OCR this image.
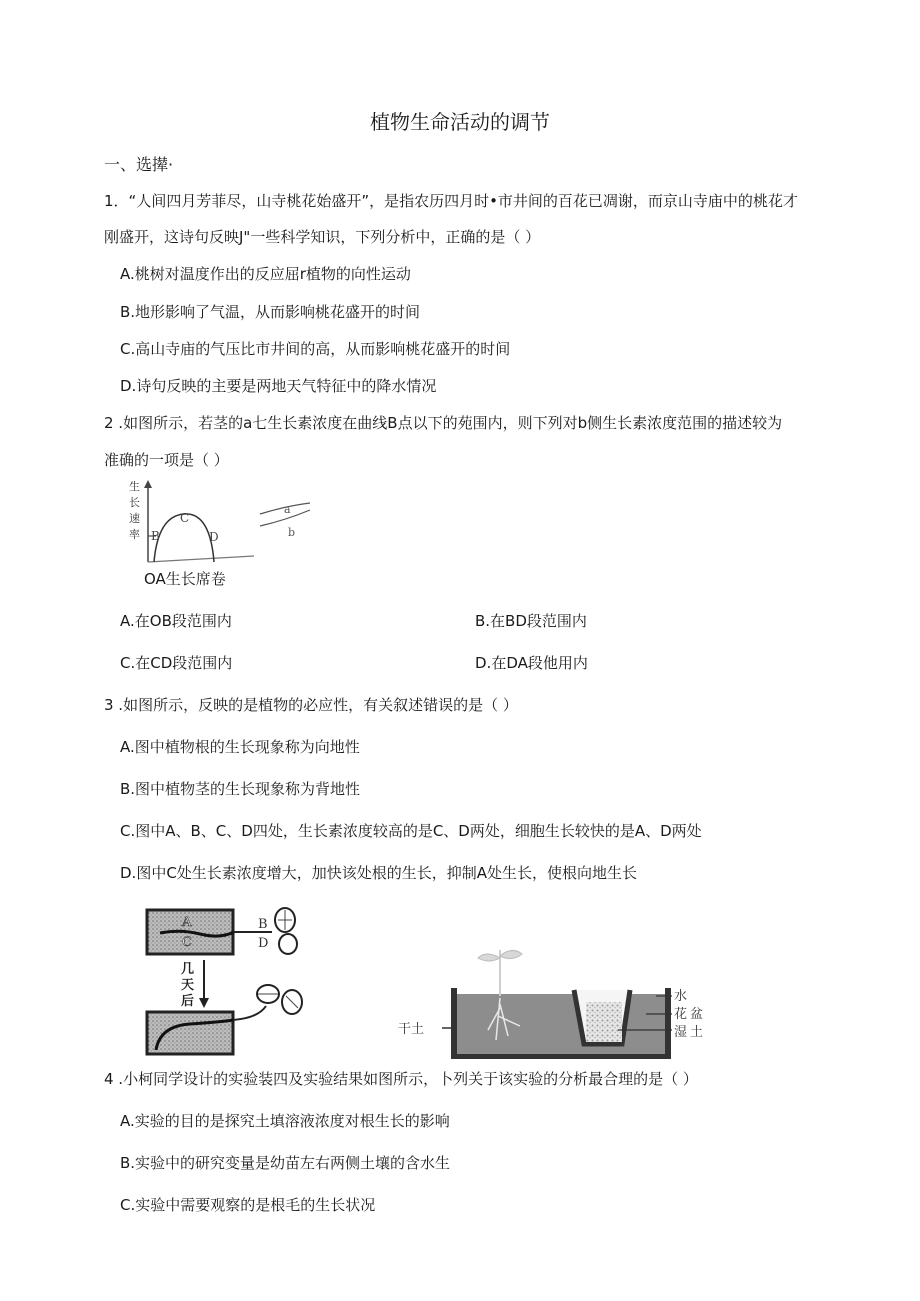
植物生命活动的调节
一、选撵·
1．“人间四月芳菲尽，山寺桃花始盛开”，是指农历四月时•市井间的百花已凋谢，而京山寺庙中的桃花才
刚盛开，这诗句反映J"一些科学知识，下列分析中，正确的是（ ）
A.桃树对温度作出的反应屈r植物的向性运动
B.地形影响了气温，从而影响桃花盛开的时间
C.高山寺庙的气压比市井间的高，从而影响桃花盛开的时间
D.诗句反映的主要是两地天气特征中的降水情况
2 .如图所示，若茎的a七生长素浓度在曲线B点以下的苑围内，则下列对b侧生长素浓度范围的描述较为
准确的一项是（ ）
生
长
速
率 B
C
D
a
b
OA生长席卷
A.在OB段范围内	B.在BD段范围内
C.在CD段范围内	D.在DA段他用内
3 .如图所示，反映的是植物的必应性，有关叙述错误的是（ ）
A.图中植物根的生长现象称为向地性
B.图中植物茎的生长现象称为背地性
C.图中A、B、C、D四处，生长素浓度较高的是C、D两处，细胞生长较快的是A、D两处
D.图中C处生长素浓度增大，加快该处根的生长，抑制A处生长，使根向地生长
A
C
B
D
几
天
后
干土
水
花 盆
湿 土
4 .小柯同学设计的实验装四及实验结果如图所示，卜列关于该实验的分析最合理的是（ ）
A.实验的目的是探究土填溶液浓度对根生长的影响
B.实验中的研究变量是幼苗左右两侧土壤的含水生
C.实验中需要观察的是根毛的生长状况
